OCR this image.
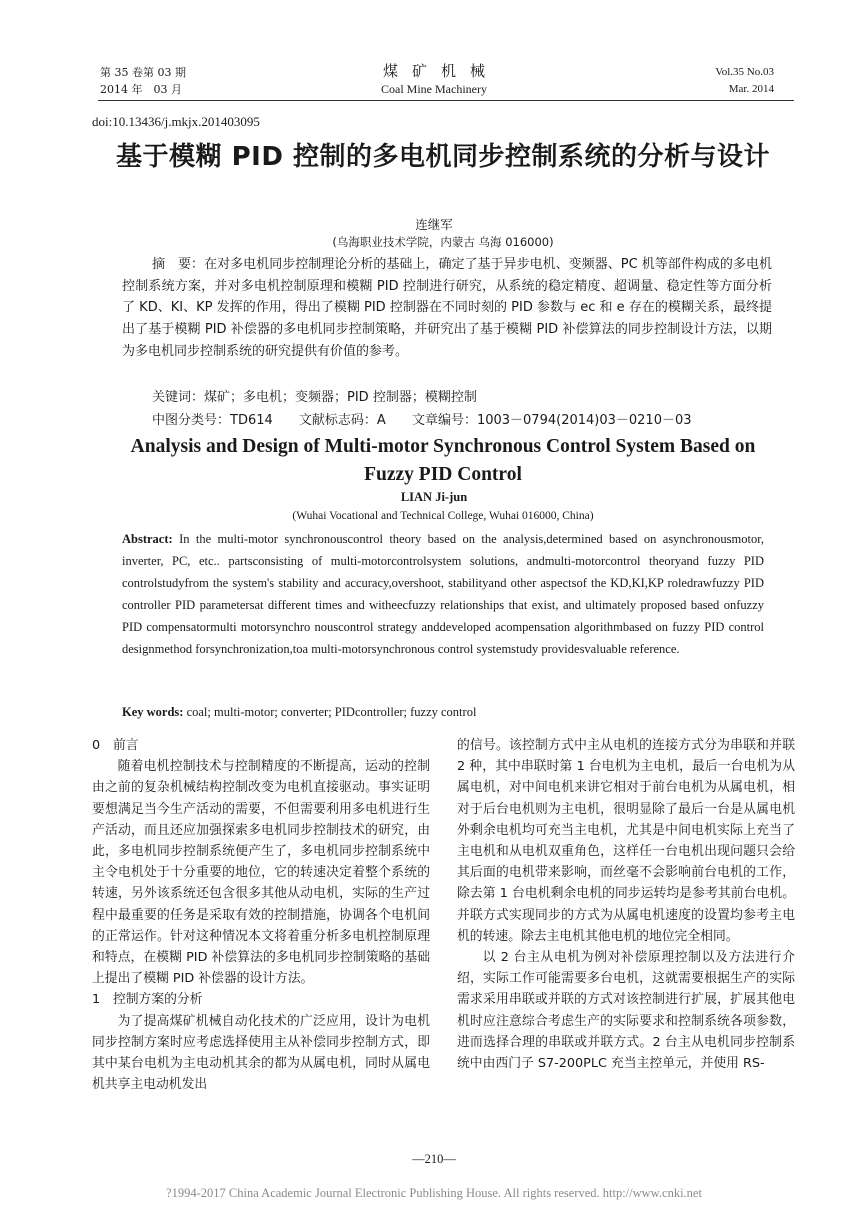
第 35 卷第 03 期
2014 年　03 月
煤矿机械
Coal Mine Machinery
Vol.35 No.03
Mar. 2014
doi:10.13436/j.mkjx.201403095
基于模糊 PID 控制的多电机同步控制系统的分析与设计
连继军
(乌海职业技术学院，内蒙古 乌海 016000)
摘　要：在对多电机同步控制理论分析的基础上，确定了基于异步电机、变频器、PC 机等部件构成的多电机控制系统方案，并对多电机控制原理和模糊 PID 控制进行研究，从系统的稳定精度、超调量、稳定性等方面分析了 KD、KI、KP 发挥的作用，得出了模糊 PID 控制器在不同时刻的 PID 参数与 ec 和 e 存在的模糊关系，最终提出了基于模糊 PID 补偿器的多电机同步控制策略，并研究出了基于模糊 PID 补偿算法的同步控制设计方法，以期为多电机同步控制系统的研究提供有价值的参考。
关键词：煤矿；多电机；变频器；PID 控制器；模糊控制
中图分类号：TD614 文献标志码：A 文章编号：1003－0794(2014)03－0210－03
Analysis and Design of Multi-motor Synchronous Control System Based on Fuzzy PID Control
LIAN Ji-jun
(Wuhai Vocational and Technical College, Wuhai 016000, China)
Abstract: In the multi-motor synchronouscontrol theory based on the analysis,determined based on asynchronousmotor, inverter, PC, etc.. partsconsisting of multi-motorcontrolsystem solutions, andmulti-motorcontrol theoryand fuzzy PID controlstudyfrom the system's stability and accuracy,overshoot, stabilityand other aspectsof the KD,KI,KP roledrawfuzzy PID controller PID parametersat different times and witheecfuzzy relationships that exist, and ultimately proposed based onfuzzy PID compensatormulti motorsynchro nouscontrol strategy anddeveloped acompensation algorithmbased on fuzzy PID control designmethod forsynchronization,toa multi-motorsynchronous control systemstudy providesvaluable reference.
Key words: coal; multi-motor; converter; PIDcontroller; fuzzy control

0　前言

随着电机控制技术与控制精度的不断提高，运动的控制由之前的复杂机械结构控制改变为电机直接驱动。事实证明要想满足当今生产活动的需要，不但需要利用多电机进行生产活动，而且还应加强探索多电机同步控制技术的研究，由此，多电机同步控制系统便产生了，多电机同步控制系统中主令电机处于十分重要的地位，它的转速决定着整个系统的转速，另外该系统还包含很多其他从动电机，实际的生产过程中最重要的任务是采取有效的控制措施，协调各个电机间的正常运作。针对这种情况本文将着重分析多电机控制原理和特点，在模糊 PID 补偿算法的多电机同步控制策略的基础上提出了模糊 PID 补偿器的设计方法。

1　控制方案的分析

为了提高煤矿机械自动化技术的广泛应用，设计为电机同步控制方案时应考虑选择使用主从补偿同步控制方式，即其中某台电机为主电动机其余的都为从属电机，同时从属电机共享主电动机发出

的信号。该控制方式中主从电机的连接方式分为串联和并联 2 种，其中串联时第 1 台电机为主电机，最后一台电机为从属电机，对中间电机来讲它相对于前台电机为从属电机，相对于后台电机则为主电机，很明显除了最后一台是从属电机外剩余电机均可充当主电机，尤其是中间电机实际上充当了主电机和从电机双重角色，这样任一台电机出现问题只会给其后面的电机带来影响，而丝毫不会影响前台电机的工作，除去第 1 台电机剩余电机的同步运转均是参考其前台电机。并联方式实现同步的方式为从属电机速度的设置均参考主电机的转速。除去主电机其他电机的地位完全相同。

以 2 台主从电机为例对补偿原理控制以及方法进行介绍，实际工作可能需要多台电机，这就需要根据生产的实际需求采用串联或并联的方式对该控制进行扩展，扩展其他电机时应注意综合考虑生产的实际要求和控制系统各项参数，进而选择合理的串联或并联方式。2 台主从电机同步控制系统中由西门子 S7-200PLC 充当主控单元，并使用 RS-

—210—
?1994-2017 China Academic Journal Electronic Publishing House. All rights reserved. http://www.cnki.net
